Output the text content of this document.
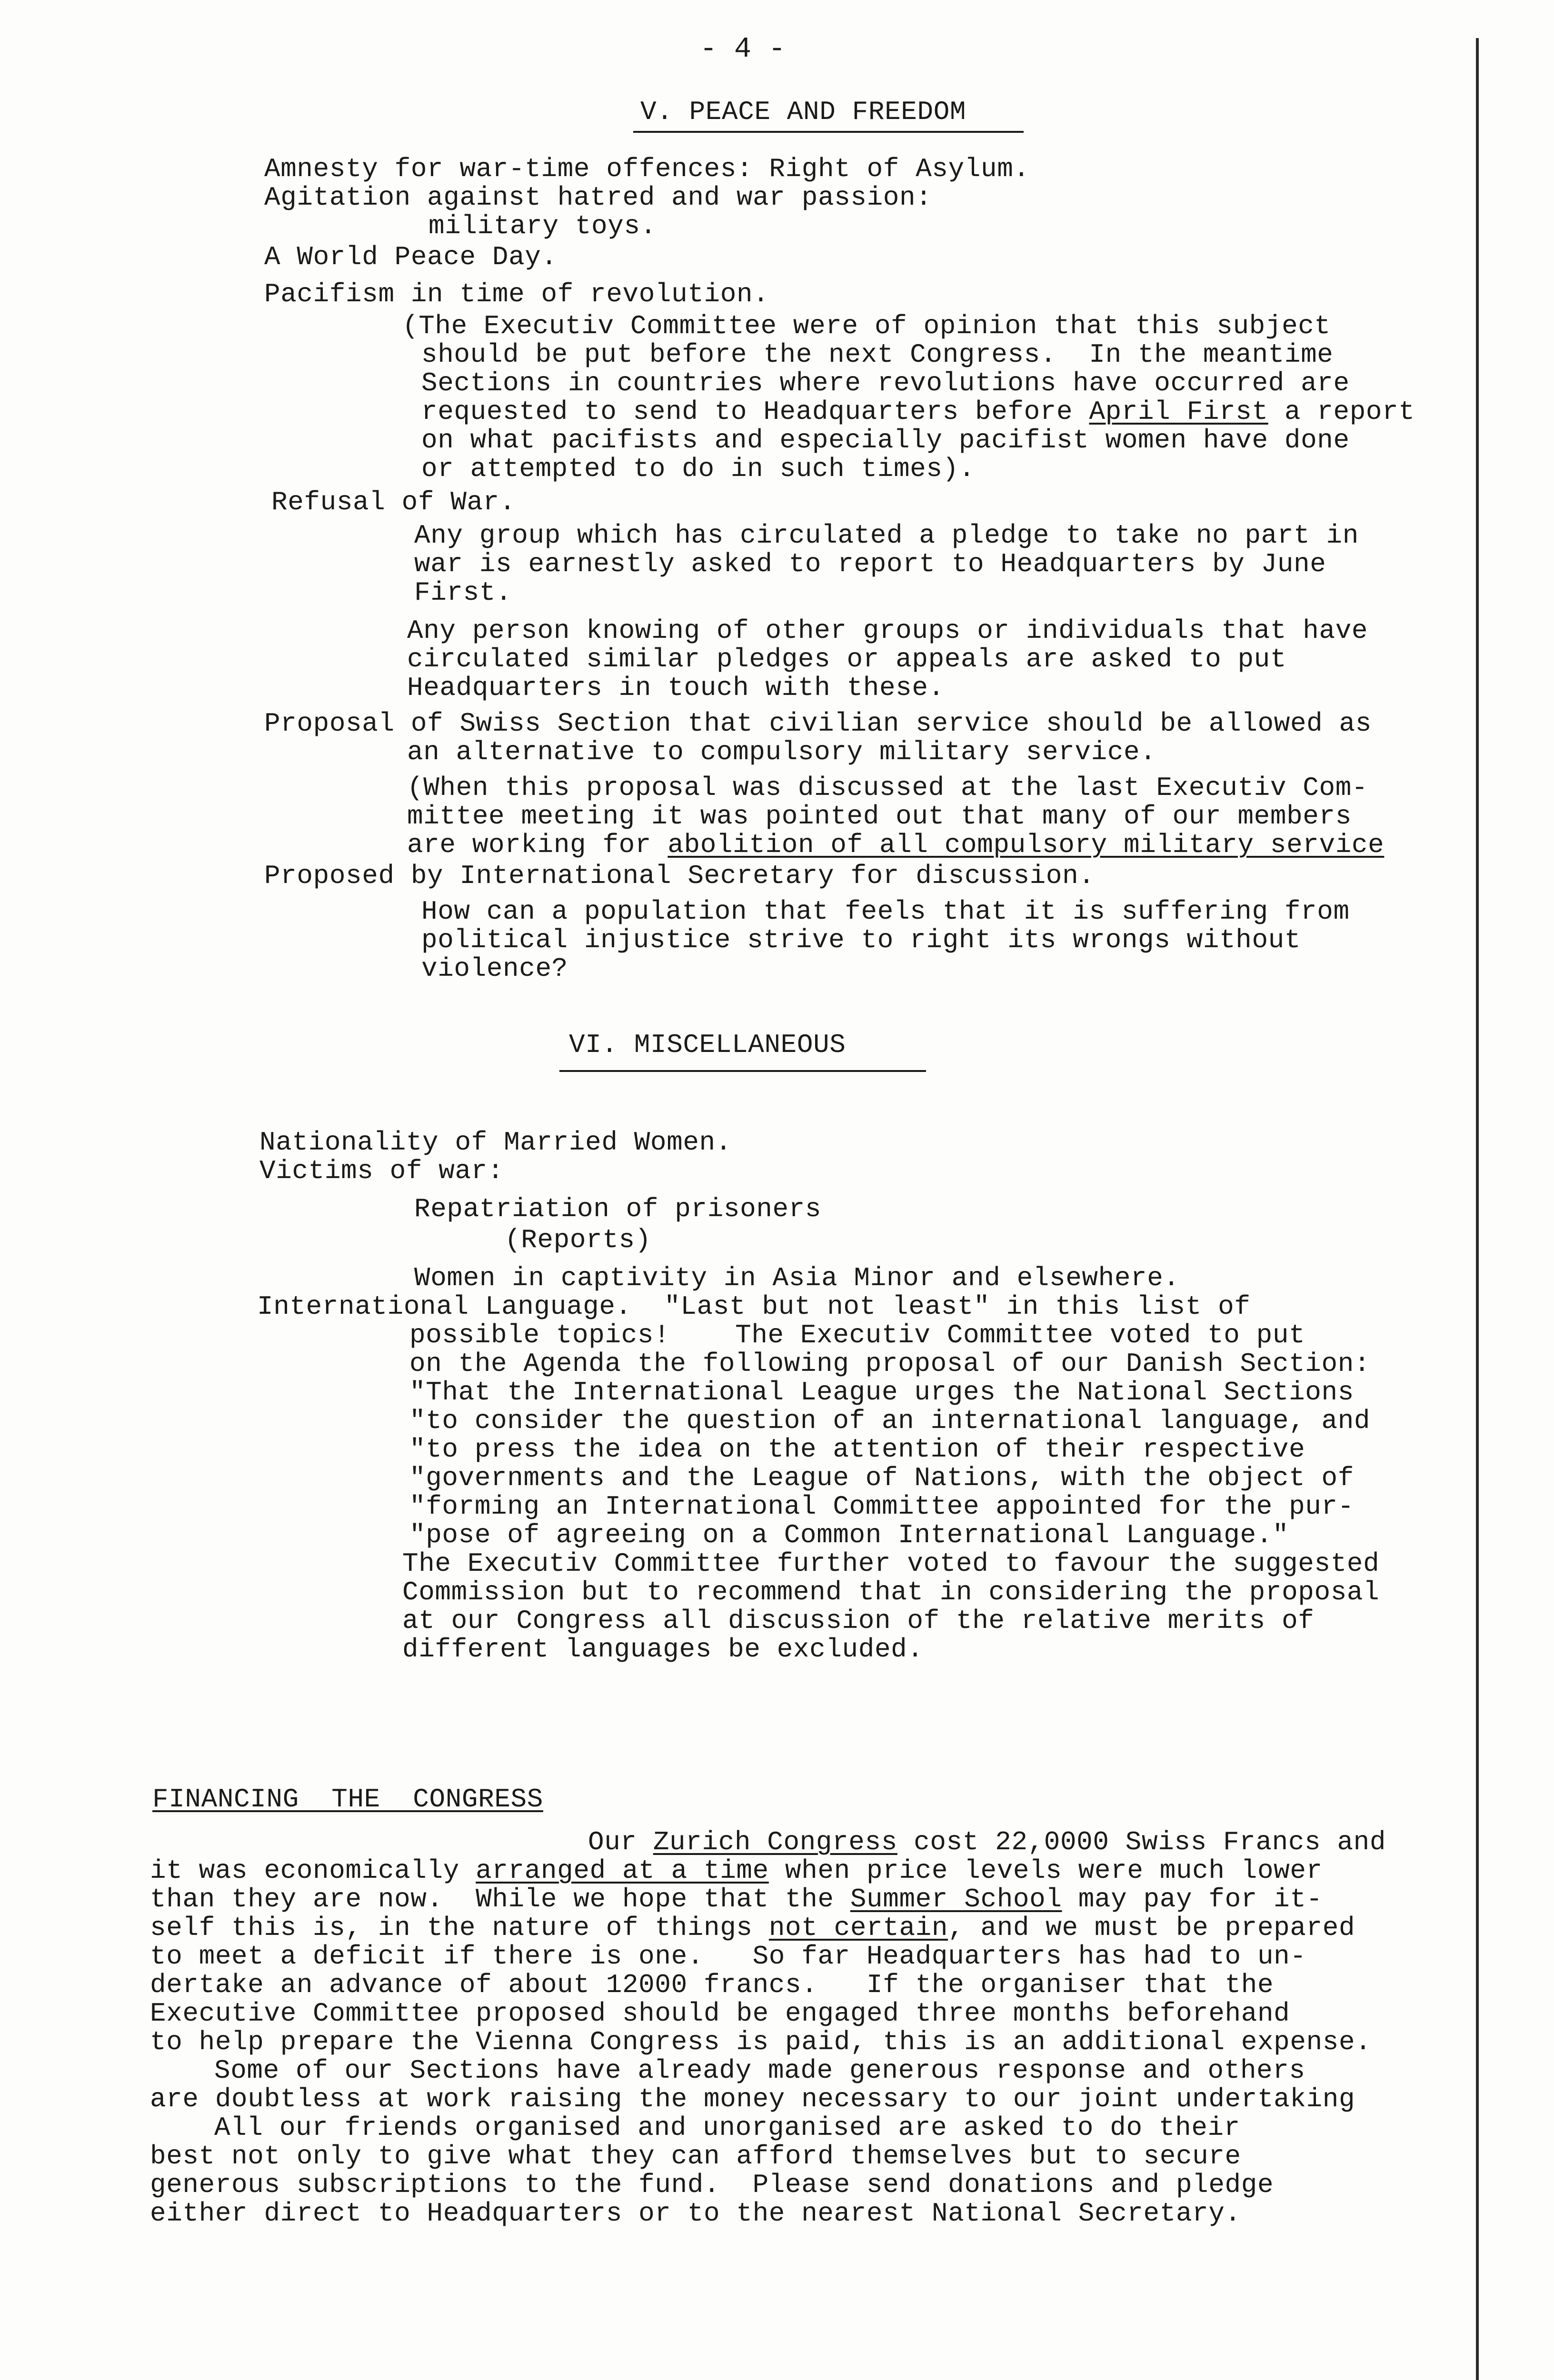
- 4 -
V. PEACE AND FREEDOM
Amnesty for war-time offences: Right of Asylum.
Agitation against hatred and war passion:
military toys.
A World Peace Day.
Pacifism in time of revolution.
(The Executiv Committee were of opinion that this subject
should be put before the next Congress.  In the meantime
Sections in countries where revolutions have occurred are
requested to send to Headquarters before April First a report
on what pacifists and especially pacifist women have done
or attempted to do in such times).
Refusal of War.
Any group which has circulated a pledge to take no part in
war is earnestly asked to report to Headquarters by June
First.
Any person knowing of other groups or individuals that have
circulated similar pledges or appeals are asked to put
Headquarters in touch with these.
Proposal of Swiss Section that civilian service should be allowed as
an alternative to compulsory military service.
(When this proposal was discussed at the last Executiv Com-
mittee meeting it was pointed out that many of our members
are working for abolition of all compulsory military service
Proposed by International Secretary for discussion.
How can a population that feels that it is suffering from
political injustice strive to right its wrongs without
violence?
VI. MISCELLANEOUS
Nationality of Married Women.
Victims of war:
Repatriation of prisoners
(Reports)
Women in captivity in Asia Minor and elsewhere.
International Language.  "Last but not least" in this list of
possible topics!    The Executiv Committee voted to put
on the Agenda the following proposal of our Danish Section:
"That the International League urges the National Sections
"to consider the question of an international language, and
"to press the idea on the attention of their respective
"governments and the League of Nations, with the object of
"forming an International Committee appointed for the pur-
"pose of agreeing on a Common International Language."
The Executiv Committee further voted to favour the suggested
Commission but to recommend that in considering the proposal
at our Congress all discussion of the relative merits of
different languages be excluded.
FINANCING  THE  CONGRESS
Our Zurich Congress cost 22,0000 Swiss Francs and
it was economically arranged at a time when price levels were much lower
than they are now.  While we hope that the Summer School may pay for it-
self this is, in the nature of things not certain, and we must be prepared
to meet a deficit if there is one.   So far Headquarters has had to un-
dertake an advance of about 12000 francs.   If the organiser that the
Executive Committee proposed should be engaged three months beforehand
to help prepare the Vienna Congress is paid, this is an additional expense.
Some of our Sections have already made generous response and others
are doubtless at work raising the money necessary to our joint undertaking
All our friends organised and unorganised are asked to do their
best not only to give what they can afford themselves but to secure
generous subscriptions to the fund.  Please send donations and pledge
either direct to Headquarters or to the nearest National Secretary.
